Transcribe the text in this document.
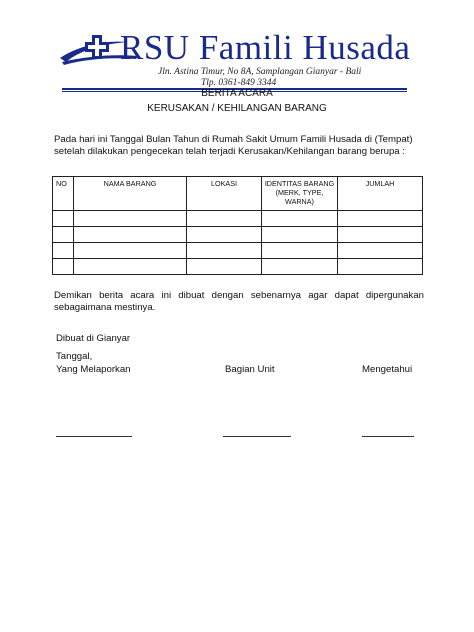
RSU Famili Husada
Jln. Astina Timur, No 8A, Samplangan Gianyar - Bali
Tlp. 0361-849 3344
BERITA ACARA
KERUSAKAN / KEHILANGAN BARANG
Pada hari ini Tanggal Bulan Tahun di Rumah Sakit Umum Famili Husada di (Tempat) setelah dilakukan pengecekan telah terjadi Kerusakan/Kehilangan barang berupa :
NO	NAMA BARANG	LOKASI	IDENTITAS BARANG (MERK, TYPE, WARNA)	JUMLAH

Demikan berita acara ini dibuat dengan sebenarnya agar dapat dipergunakan sebagaimana mestinya.
Dibuat di Gianyar
Tanggal,
Yang Melaporkan	Bagian Unit	Mengetahui
